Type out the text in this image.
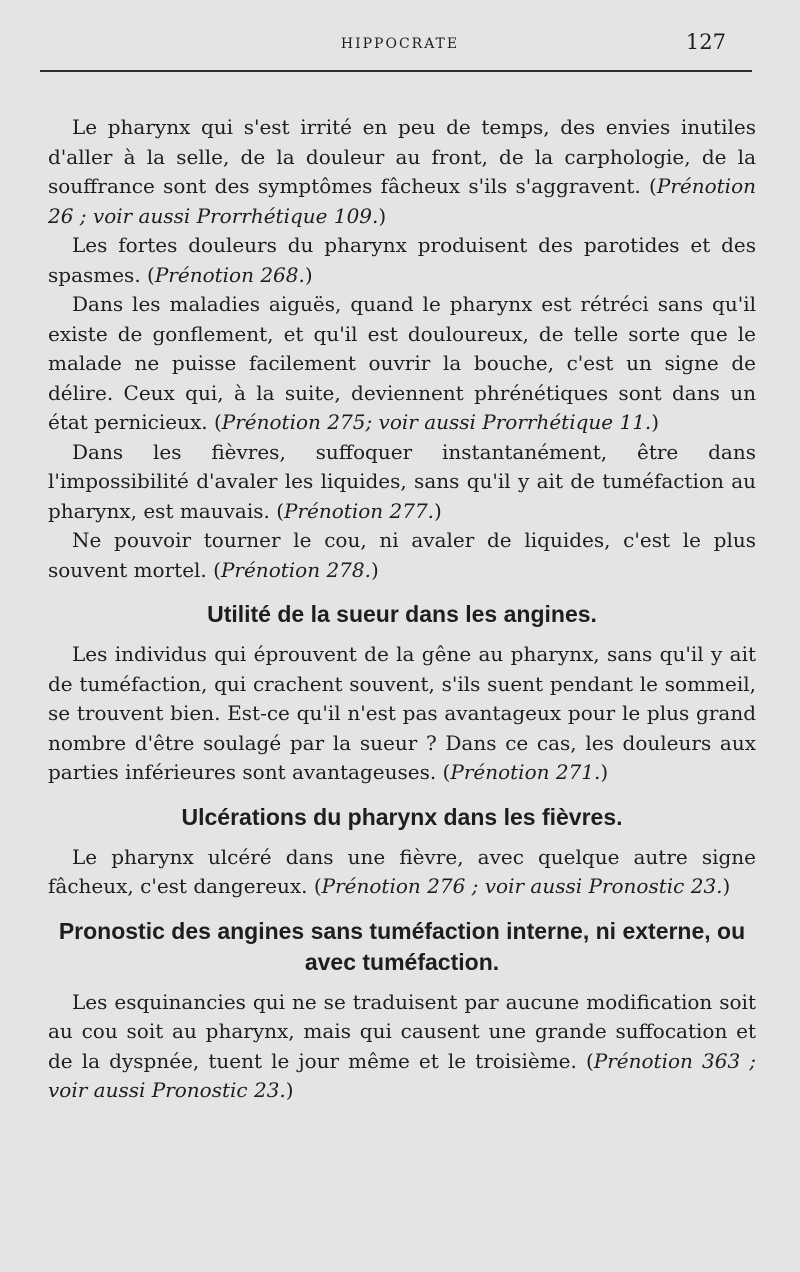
HIPPOCRATE	127

Le pharynx qui s'est irrité en peu de temps, des envies inutiles d'aller à la selle, de la douleur au front, de la carphologie, de la souffrance sont des symptômes fâcheux s'ils s'aggravent. (Prénotion 26 ; voir aussi Prorrhétique 109.)

Les fortes douleurs du pharynx produisent des parotides et des spasmes. (Prénotion 268.)

Dans les maladies aiguës, quand le pharynx est rétréci sans qu'il existe de gonflement, et qu'il est douloureux, de telle sorte que le malade ne puisse facilement ouvrir la bouche, c'est un signe de délire. Ceux qui, à la suite, deviennent phrénétiques sont dans un état pernicieux. (Prénotion 275; voir aussi Prorrhétique 11.)

Dans les fièvres, suffoquer instantanément, être dans l'impossibilité d'avaler les liquides, sans qu'il y ait de tuméfaction au pharynx, est mauvais. (Prénotion 277.)

Ne pouvoir tourner le cou, ni avaler de liquides, c'est le plus souvent mortel. (Prénotion 278.)

Utilité de la sueur dans les angines.

Les individus qui éprouvent de la gêne au pharynx, sans qu'il y ait de tuméfaction, qui crachent souvent, s'ils suent pendant le sommeil, se trouvent bien. Est-ce qu'il n'est pas avantageux pour le plus grand nombre d'être soulagé par la sueur ? Dans ce cas, les douleurs aux parties inférieures sont avantageuses. (Prénotion 271.)

Ulcérations du pharynx dans les fièvres.

Le pharynx ulcéré dans une fièvre, avec quelque autre signe fâcheux, c'est dangereux. (Prénotion 276 ; voir aussi Pronostic 23.)

Pronostic des angines sans tuméfaction interne, ni externe, ou avec tuméfaction.

Les esquinancies qui ne se traduisent par aucune modification soit au cou soit au pharynx, mais qui causent une grande suffocation et de la dyspnée, tuent le jour même et le troisième. (Prénotion 363 ; voir aussi Pronostic 23.)
